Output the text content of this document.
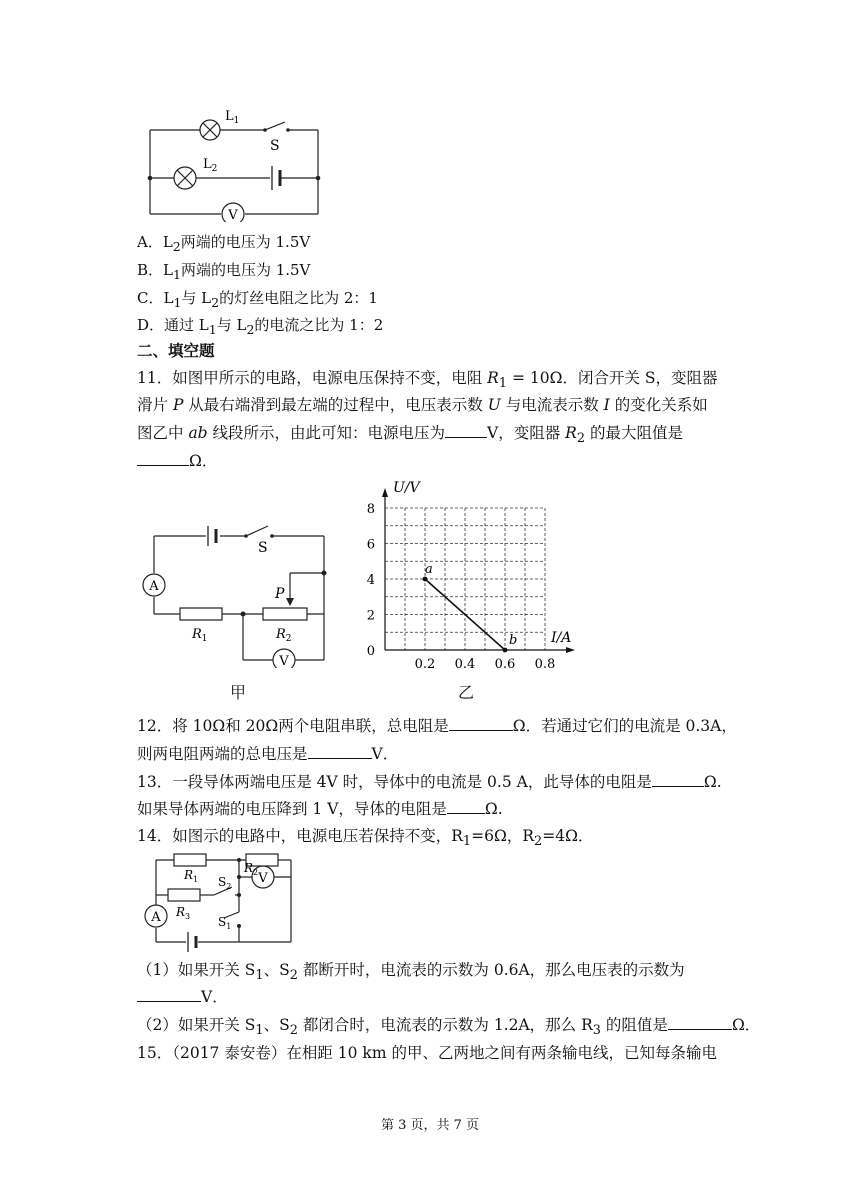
V
$L_1$
S
$L_2$
A．$L_2$两端的电压为 1.5V
B．$L_1$两端的电压为 1.5V
C．$L_1$与 $L_2$的灯丝电阻之比为 2：1
D．通过 $L_1$与 $L_2$的电流之比为 1：2
二、填空题
11．如图甲所示的电路，电源电压保持不变，电阻 $R_1 = 10\Omega$．闭合开关 S，变阻器
滑片 P 从最右端滑到最左端的过程中，电压表示数 U 与电流表示数 I 的变化关系如
图乙中 ab 线段所示，由此可知：电源电压为	V，变阻器 $R_2$ 的最大阻值是
Ω．
A
V
S
P
$R_1$	$R_2$
甲
0.2 0.4 0.6 0.8
0
2
4
6
8
a
b
U/V
I/A
乙
12．将 10Ω和 20Ω两个电阻串联，总电阻是	Ω．若通过它们的电流是 0.3A，
则两电阻两端的总电压是	V．
13．一段导体两端电压是 4V 时，导体中的电流是 0.5 A，此导体的电阻是	Ω.
如果导体两端的电压降到 1 V，导体的电阻是 Ω.
14．如图示的电路中，电源电压若保持不变，$R_1=6\Omega$，$R_2=4\Omega$．
A
V
$R_1$
$R_2$
$R_3$
$S_2$
$S_1$
（1）如果开关 $S_1$、$S_2$ 都断开时，电流表的示数为 0.6A，那么电压表的示数为
V．
（2）如果开关 $S_1$、$S_2$ 都闭合时，电流表的示数为 1.2A，那么 $R_3$ 的阻值是	Ω．
15．（2017 泰安卷）在相距 10 km 的甲、乙两地之间有两条输电线，已知每条输电
第 3 页，共 7 页
